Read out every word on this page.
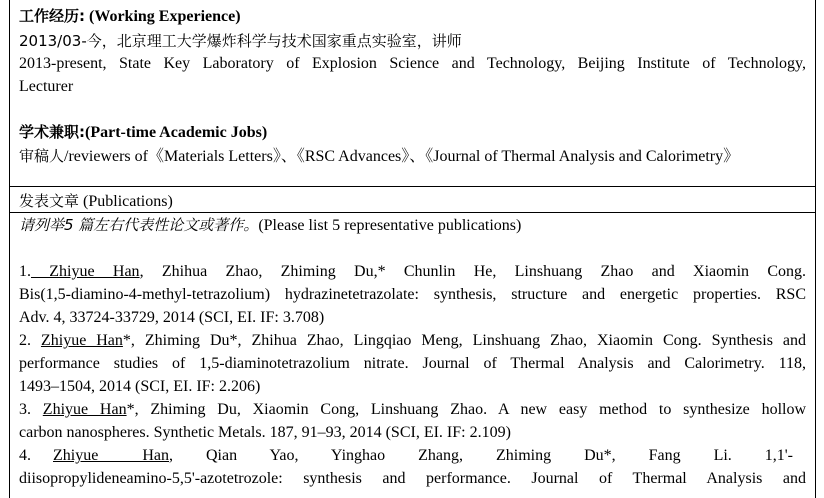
工作经历: (Working Experience)
2013/03-今，北京理工大学爆炸科学与技术国家重点实验室，讲师
2013-present, State Key Laboratory of Explosion Science and Technology, Beijing Institute of Technology,
Lecturer
学术兼职:(Part-time Academic Jobs)
审稿人/reviewers of《Materials Letters》、《RSC Advances》、《Journal of Thermal Analysis and Calorimetry》
发表文章 (Publications)
请列举5 篇左右代表性论文或著作。(Please list 5 representative publications)
1. Zhiyue Han, Zhihua Zhao, Zhiming Du,* Chunlin He, Linshuang Zhao and Xiaomin Cong.
Bis(1,5-diamino-4-methyl-tetrazolium) hydrazinetetrazolate: synthesis, structure and energetic properties. RSC
Adv. 4, 33724-33729, 2014 (SCI, EI. IF: 3.708)
2. Zhiyue Han*, Zhiming Du*, Zhihua Zhao, Lingqiao Meng, Linshuang Zhao, Xiaomin Cong. Synthesis and
performance studies of 1,5-diaminotetrazolium nitrate. Journal of Thermal Analysis and Calorimetry. 118,
1493–1504, 2014 (SCI, EI. IF: 2.206)
3. Zhiyue Han*, Zhiming Du, Xiaomin Cong, Linshuang Zhao. A new easy method to synthesize hollow
carbon nanospheres. Synthetic Metals. 187, 91–93, 2014 (SCI, EI. IF: 2.109)
4. Zhiyue Han, Qian Yao, Yinghao Zhang, Zhiming Du*, Fang Li. 1,1'-
diisopropylideneamino-5,5'-azotetrozole: synthesis and performance. Journal of Thermal Analysis and
